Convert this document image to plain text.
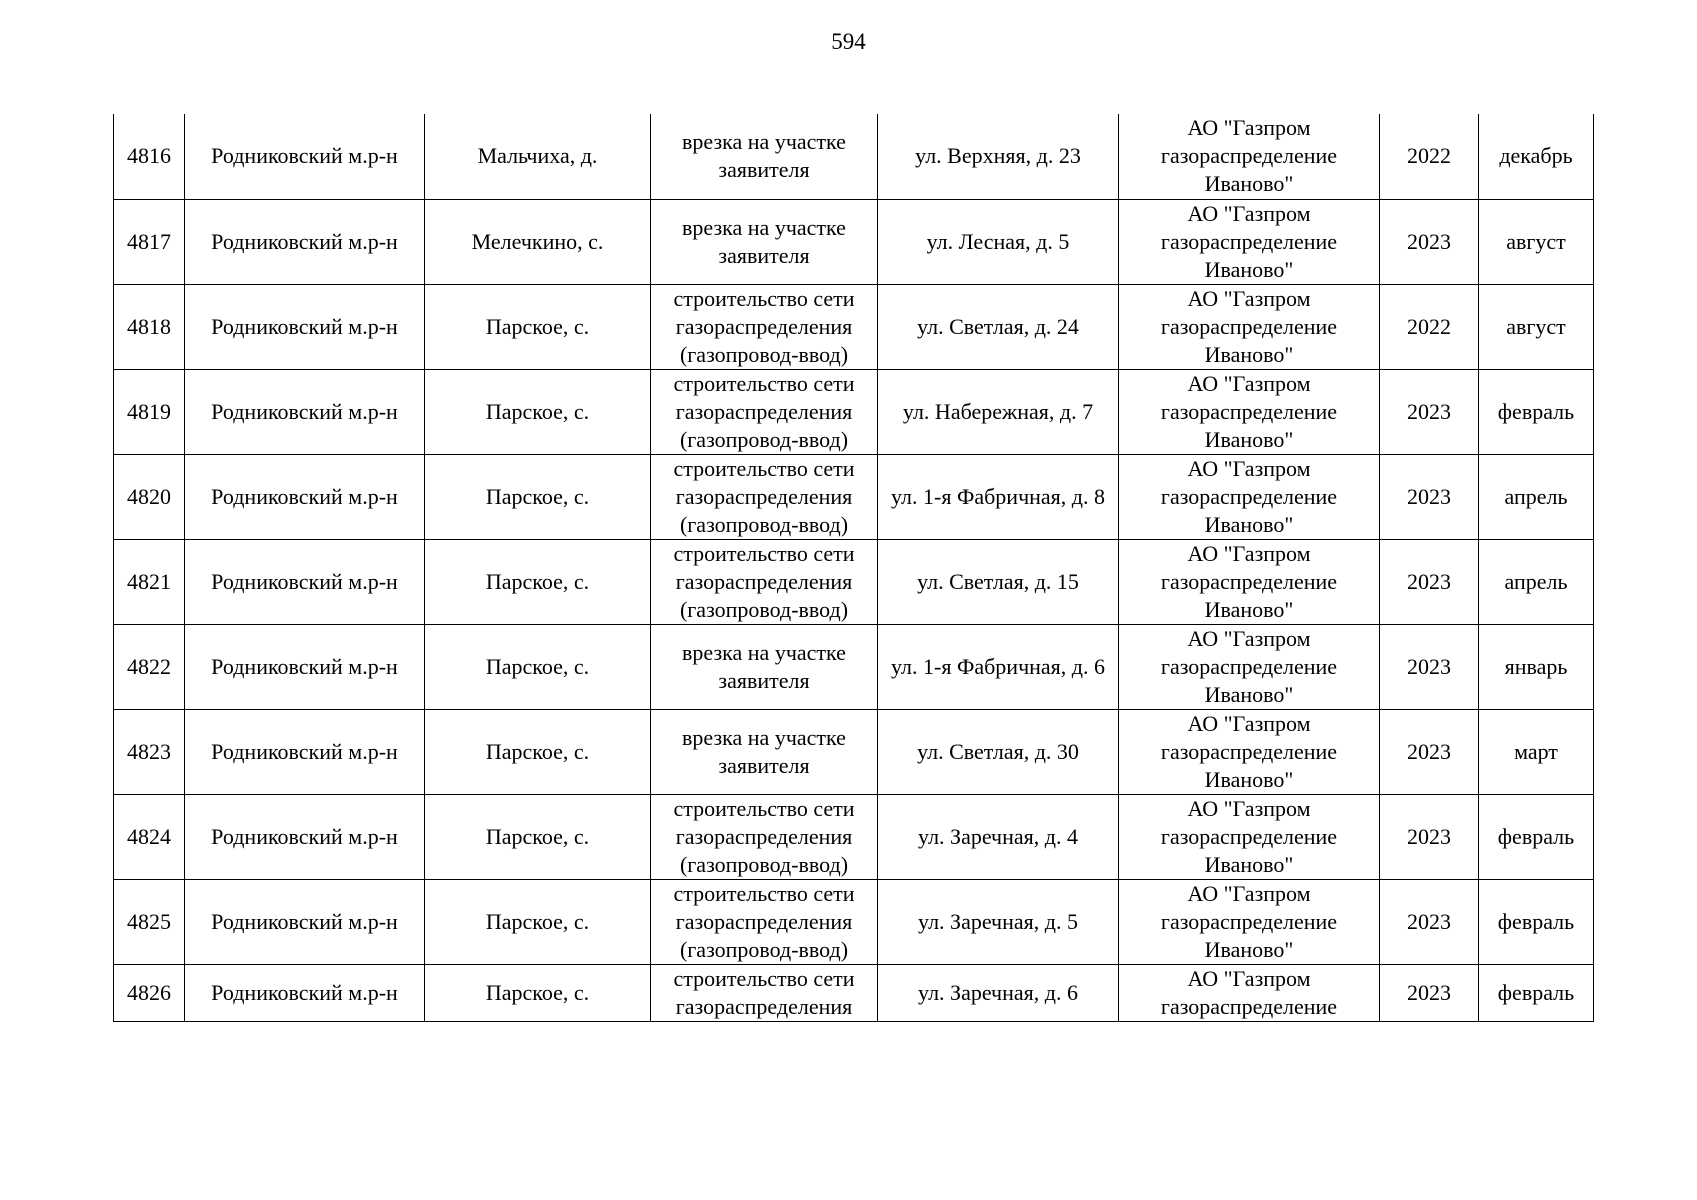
594
4816	Родниковский м.р-н	Мальчиха, д.	врезка на участке заявителя	ул. Верхняя, д. 23	АО "Газпром газораспределение Иваново"	2022	декабрь
4817	Родниковский м.р-н	Мелечкино, с.	врезка на участке заявителя	ул. Лесная, д. 5	АО "Газпром газораспределение Иваново"	2023	август
4818	Родниковский м.р-н	Парское, с.	строительство сети газораспределения (газопровод-ввод)	ул. Светлая, д. 24	АО "Газпром газораспределение Иваново"	2022	август
4819	Родниковский м.р-н	Парское, с.	строительство сети газораспределения (газопровод-ввод)	ул. Набережная, д. 7	АО "Газпром газораспределение Иваново"	2023	февраль
4820	Родниковский м.р-н	Парское, с.	строительство сети газораспределения (газопровод-ввод)	ул. 1-я Фабричная, д. 8	АО "Газпром газораспределение Иваново"	2023	апрель
4821	Родниковский м.р-н	Парское, с.	строительство сети газораспределения (газопровод-ввод)	ул. Светлая, д. 15	АО "Газпром газораспределение Иваново"	2023	апрель
4822	Родниковский м.р-н	Парское, с.	врезка на участке заявителя	ул. 1-я Фабричная, д. 6	АО "Газпром газораспределение Иваново"	2023	январь
4823	Родниковский м.р-н	Парское, с.	врезка на участке заявителя	ул. Светлая, д. 30	АО "Газпром газораспределение Иваново"	2023	март
4824	Родниковский м.р-н	Парское, с.	строительство сети газораспределения (газопровод-ввод)	ул. Заречная, д. 4	АО "Газпром газораспределение Иваново"	2023	февраль
4825	Родниковский м.р-н	Парское, с.	строительство сети газораспределения (газопровод-ввод)	ул. Заречная, д. 5	АО "Газпром газораспределение Иваново"	2023	февраль

4826	Родниковский м.р-н	Парское, с.	строительство сети газораспределения	ул. Заречная, д. 6	АО "Газпром газораспределение	2023	февраль
